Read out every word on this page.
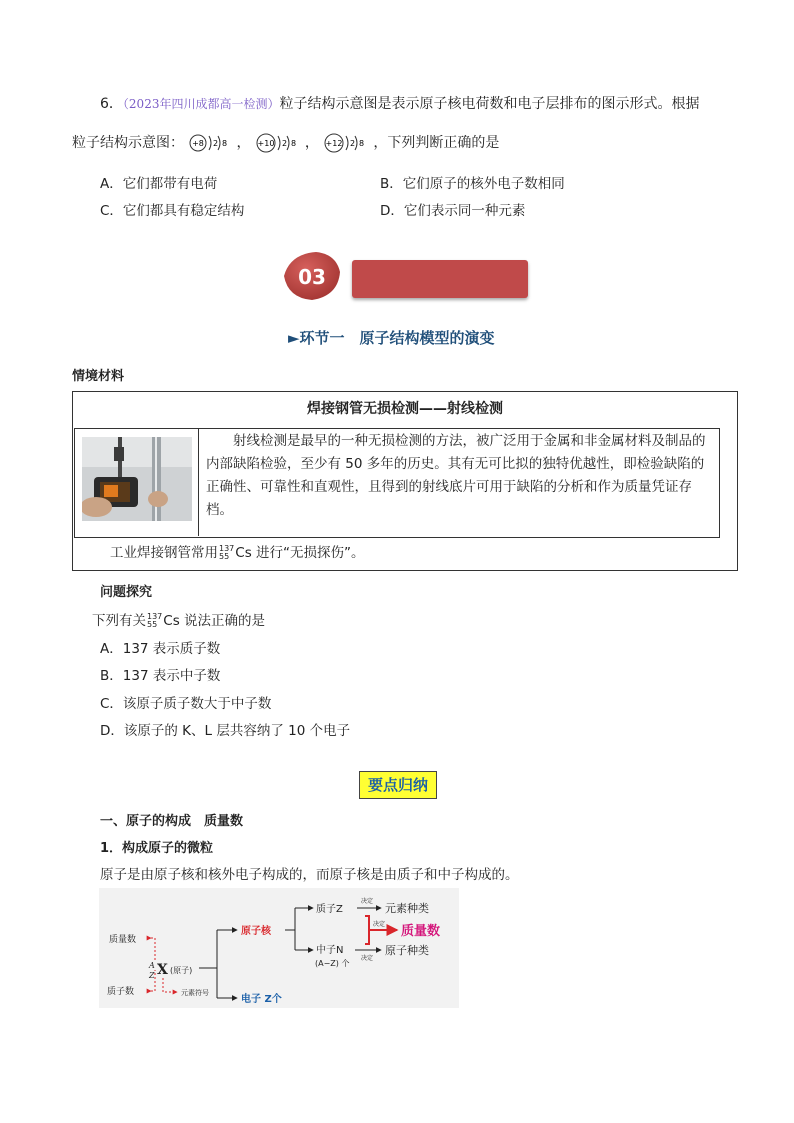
6．（2023年四川成都高一检测）粒子结构示意图是表示原子核电荷数和电子层排布的图示形式。根据
粒子结构示意图： +8 2 8 ， +10 2 8 ， +12 2 8 ，下列判断正确的是
A．它们都带有电荷	B．它们原子的核外电子数相同
C．它们都具有稳定结构	D．它们表示同一种元素
03
►环节一　原子结构模型的演变
情境材料
焊接钢管无损检测——射线检测
射线检测是最早的一种无损检测的方法，被广泛用于金属和非金属材料及制品的内部缺陷检验，至少有 50 多年的历史。其有无可比拟的独特优越性，即检验缺陷的正确性、可靠性和直观性，且得到的射线底片可用于缺陷的分析和作为质量凭证存档。
工业焊接钢管常用 137
55 Cs 进行“无损探伤”。
问题探究
下列有关 137
55 Cs 说法正确的是
A．137 表示质子数
B．137 表示中子数
C．该原子质子数大于中子数
D．该原子的 K、L 层共容纳了 10 个电子
要点归纳
一、原子的构成　质量数
1．构成原子的微粒
原子是由原子核和核外电子构成的，而原子核是由质子和中子构成的。
质量数
质子数
A
Z X (原子)
元素符号
原子核
电子 Z个
质子Z
中子N
(A−Z) 个
决定
元素种类
决定
原子种类
决定 质量数
